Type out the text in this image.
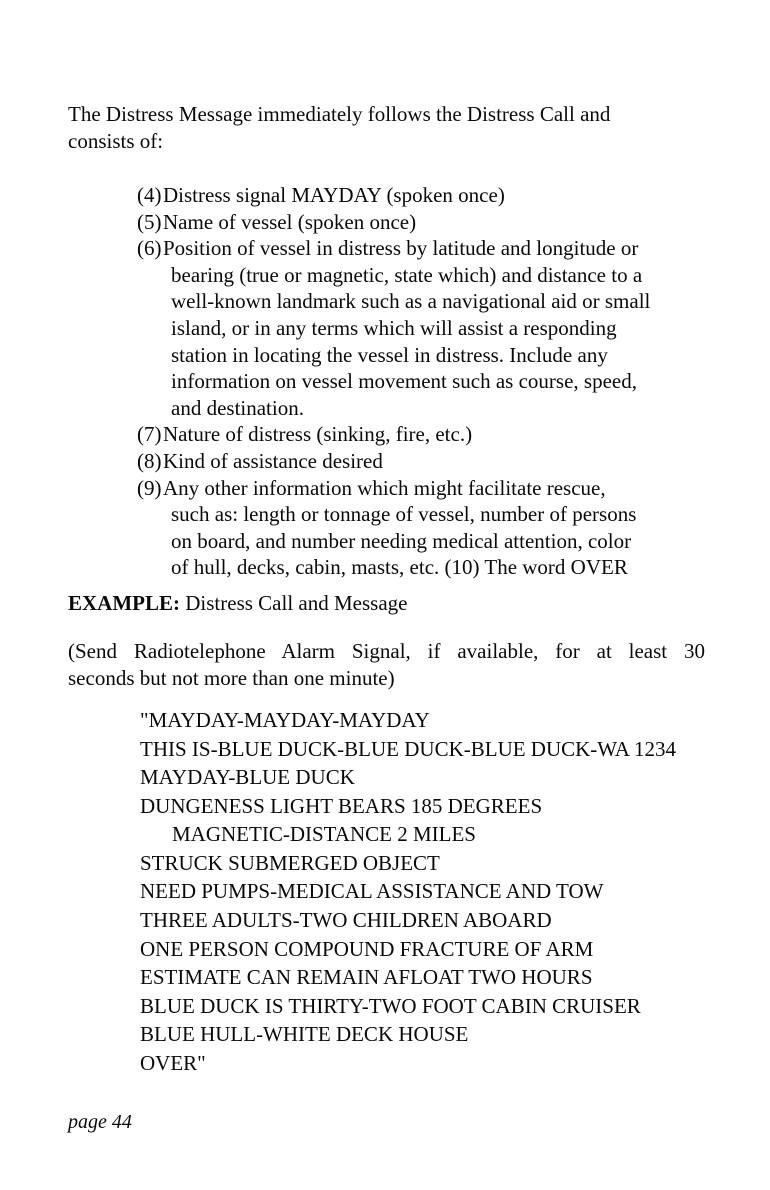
The Distress Message immediately follows the Distress Call and
consists of:
(4)Distress signal MAYDAY (spoken once)
(5)Name of vessel (spoken once)
(6)Position of vessel in distress by latitude and longitude or
bearing (true or magnetic, state which) and distance to a
well-known landmark such as a navigational aid or small
island, or in any terms which will assist a responding
station in locating the vessel in distress. Include any
information on vessel movement such as course, speed,
and destination.
(7)Nature of distress (sinking, fire, etc.)
(8)Kind of assistance desired
(9)Any other information which might facilitate rescue,
such as: length or tonnage of vessel, number of persons
on board, and number needing medical attention, color
of hull, decks, cabin, masts, etc. (10) The word OVER
EXAMPLE: Distress Call and Message
(Send Radiotelephone Alarm Signal, if available, for at least 30
seconds but not more than one minute)
"MAYDAY-MAYDAY-MAYDAY
THIS IS-BLUE DUCK-BLUE DUCK-BLUE DUCK-WA 1234
MAYDAY-BLUE DUCK
DUNGENESS LIGHT BEARS 185 DEGREES
MAGNETIC-DISTANCE 2 MILES
STRUCK SUBMERGED OBJECT
NEED PUMPS-MEDICAL ASSISTANCE AND TOW
THREE ADULTS-TWO CHILDREN ABOARD
ONE PERSON COMPOUND FRACTURE OF ARM
ESTIMATE CAN REMAIN AFLOAT TWO HOURS
BLUE DUCK IS THIRTY-TWO FOOT CABIN CRUISER
BLUE HULL-WHITE DECK HOUSE
OVER"
page 44
